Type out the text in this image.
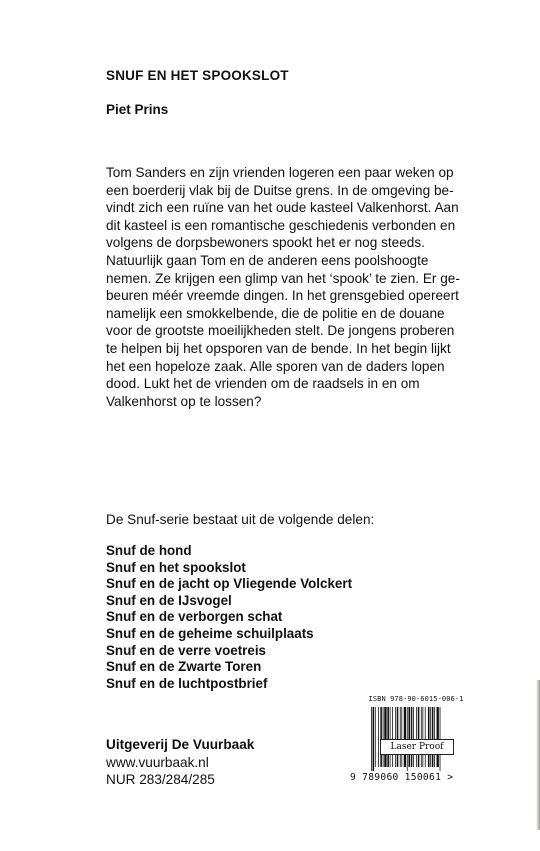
SNUF EN HET SPOOKSLOT
Piet Prins
Tom Sanders en zijn vrienden logeren een paar weken op
een boerderij vlak bij de Duitse grens. In de omgeving be-
vindt zich een ruïne van het oude kasteel Valkenhorst. Aan
dit kasteel is een romantische geschiedenis verbonden en
volgens de dorpsbewoners spookt het er nog steeds.
Natuurlijk gaan Tom en de anderen eens poolshoogte
nemen. Ze krijgen een glimp van het ‘spook’ te zien. Er ge-
beuren méér vreemde dingen. In het grensgebied opereert
namelijk een smokkelbende, die de politie en de douane
voor de grootste moeilijkheden stelt. De jongens proberen
te helpen bij het opsporen van de bende. In het begin lijkt
het een hopeloze zaak. Alle sporen van de daders lopen
dood. Lukt het de vrienden om de raadsels in en om
Valkenhorst op te lossen?
De Snuf-serie bestaat uit de volgende delen:
Snuf de hond
Snuf en het spookslot
Snuf en de jacht op Vliegende Volckert
Snuf en de IJsvogel
Snuf en de verborgen schat
Snuf en de geheime schuilplaats
Snuf en de verre voetreis
Snuf en de Zwarte Toren
Snuf en de luchtpostbrief
Uitgeverij De Vuurbaak
www.vuurbaak.nl
NUR 283/284/285
ISBN 978-90-6015-006-1
Laser Proof
9 789060 150061 >
